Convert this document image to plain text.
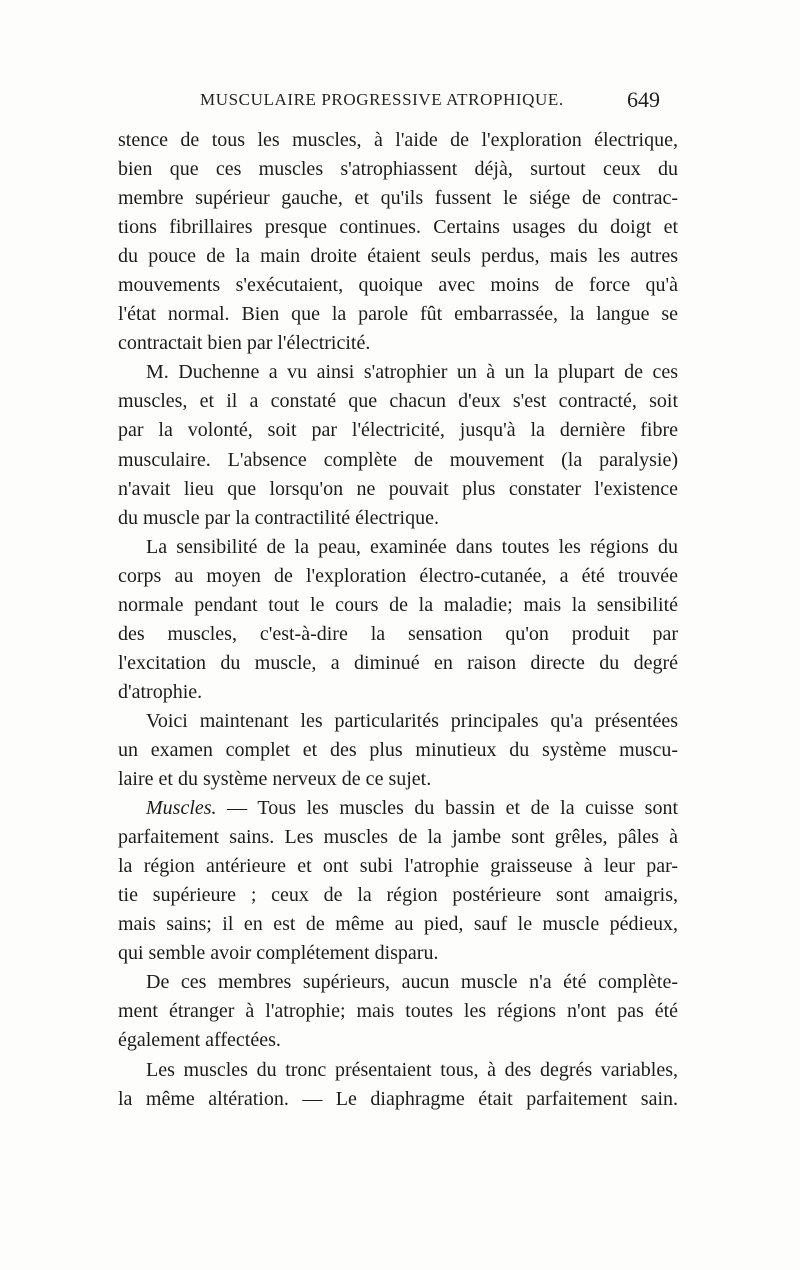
MUSCULAIRE PROGRESSIVE ATROPHIQUE.	649
stence de tous les muscles, à l'aide de l'exploration électrique,
bien que ces muscles s'atrophiassent déjà, surtout ceux du
membre supérieur gauche, et qu'ils fussent le siége de contrac-
tions fibrillaires presque continues. Certains usages du doigt et
du pouce de la main droite étaient seuls perdus, mais les autres
mouvements s'exécutaient, quoique avec moins de force qu'à
l'état normal. Bien que la parole fût embarrassée, la langue se
contractait bien par l'électricité.
M. Duchenne a vu ainsi s'atrophier un à un la plupart de ces
muscles, et il a constaté que chacun d'eux s'est contracté, soit
par la volonté, soit par l'électricité, jusqu'à la dernière fibre
musculaire. L'absence complète de mouvement (la paralysie)
n'avait lieu que lorsqu'on ne pouvait plus constater l'existence
du muscle par la contractilité électrique.
La sensibilité de la peau, examinée dans toutes les régions du
corps au moyen de l'exploration électro-cutanée, a été trouvée
normale pendant tout le cours de la maladie; mais la sensibilité
des muscles, c'est-à-dire la sensation qu'on produit par
l'excitation du muscle, a diminué en raison directe du degré
d'atrophie.
Voici maintenant les particularités principales qu'a présentées
un examen complet et des plus minutieux du système muscu-
laire et du système nerveux de ce sujet.
Muscles. — Tous les muscles du bassin et de la cuisse sont
parfaitement sains. Les muscles de la jambe sont grêles, pâles à
la région antérieure et ont subi l'atrophie graisseuse à leur par-
tie supérieure ; ceux de la région postérieure sont amaigris,
mais sains; il en est de même au pied, sauf le muscle pédieux,
qui semble avoir complétement disparu.
De ces membres supérieurs, aucun muscle n'a été complète-
ment étranger à l'atrophie; mais toutes les régions n'ont pas été
également affectées.
Les muscles du tronc présentaient tous, à des degrés variables,
la même altération. — Le diaphragme était parfaitement sain.
